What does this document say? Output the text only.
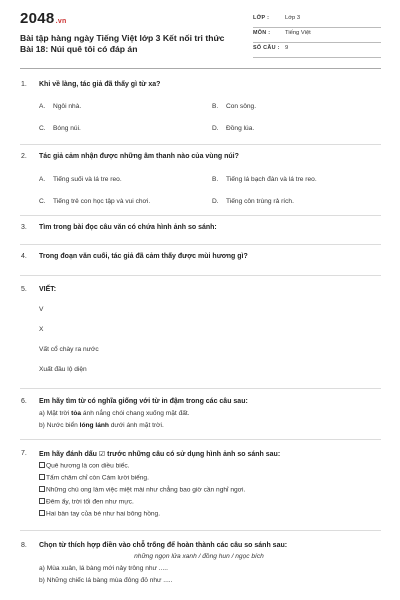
2048.vn
Bài tập hàng ngày Tiếng Việt lớp 3 Kết nối tri thức Bài 18: Núi quê tôi có đáp án
LỚP :	Lớp 3
MÔN :	Tiếng Việt
SỐ CÂU : 9
1. Khi về làng, tác giả đã thấy gì từ xa?
A. Ngôi nhà.	B. Con sông.
C. Bóng núi.	D. Đồng lúa.
2. Tác giả cảm nhận được những âm thanh nào của vùng núi?
A. Tiếng suối và lá tre reo.	B. Tiếng lá bạch đàn và lá tre reo.
C. Tiếng trẻ con học tập và vui chơi.	D. Tiếng côn trùng rả rích.
3. Tìm trong bài đọc câu văn có chứa hình ảnh so sánh:
4. Trong đoạn văn cuối, tác giả đã cảm thấy được mùi hương gì?
5. VIẾT:
V
X
Vất cổ chày ra nước
Xuất đầu lộ diện
6. Em hãy tìm từ có nghĩa giống với từ in đậm trong các câu sau:
a) Mặt trời tỏa ánh nắng chói chang xuống mặt đất.
b) Nước biển lóng lánh dưới ánh mặt trời.
7. Em hãy đánh dấu ☑ trước những câu có sử dụng hình ảnh so sánh sau:
Quê hương là con diều biếc.
Tấm chăm chỉ còn Cám lười biếng.
Những chú ong làm việc miệt mài như chẳng bao giờ cần nghỉ ngơi.
Đêm ấy, trời tối đen như mực.
Hai bàn tay của bé như hai bông hồng.
8. Chọn từ thích hợp điền vào chỗ trống để hoàn thành các câu so sánh sau:
những ngọn lửa xanh / đồng hun / ngọc bích
a) Mùa xuân, lá bàng mới nảy trông như .....
b) Những chiếc lá bàng mùa đông đỏ như .....
